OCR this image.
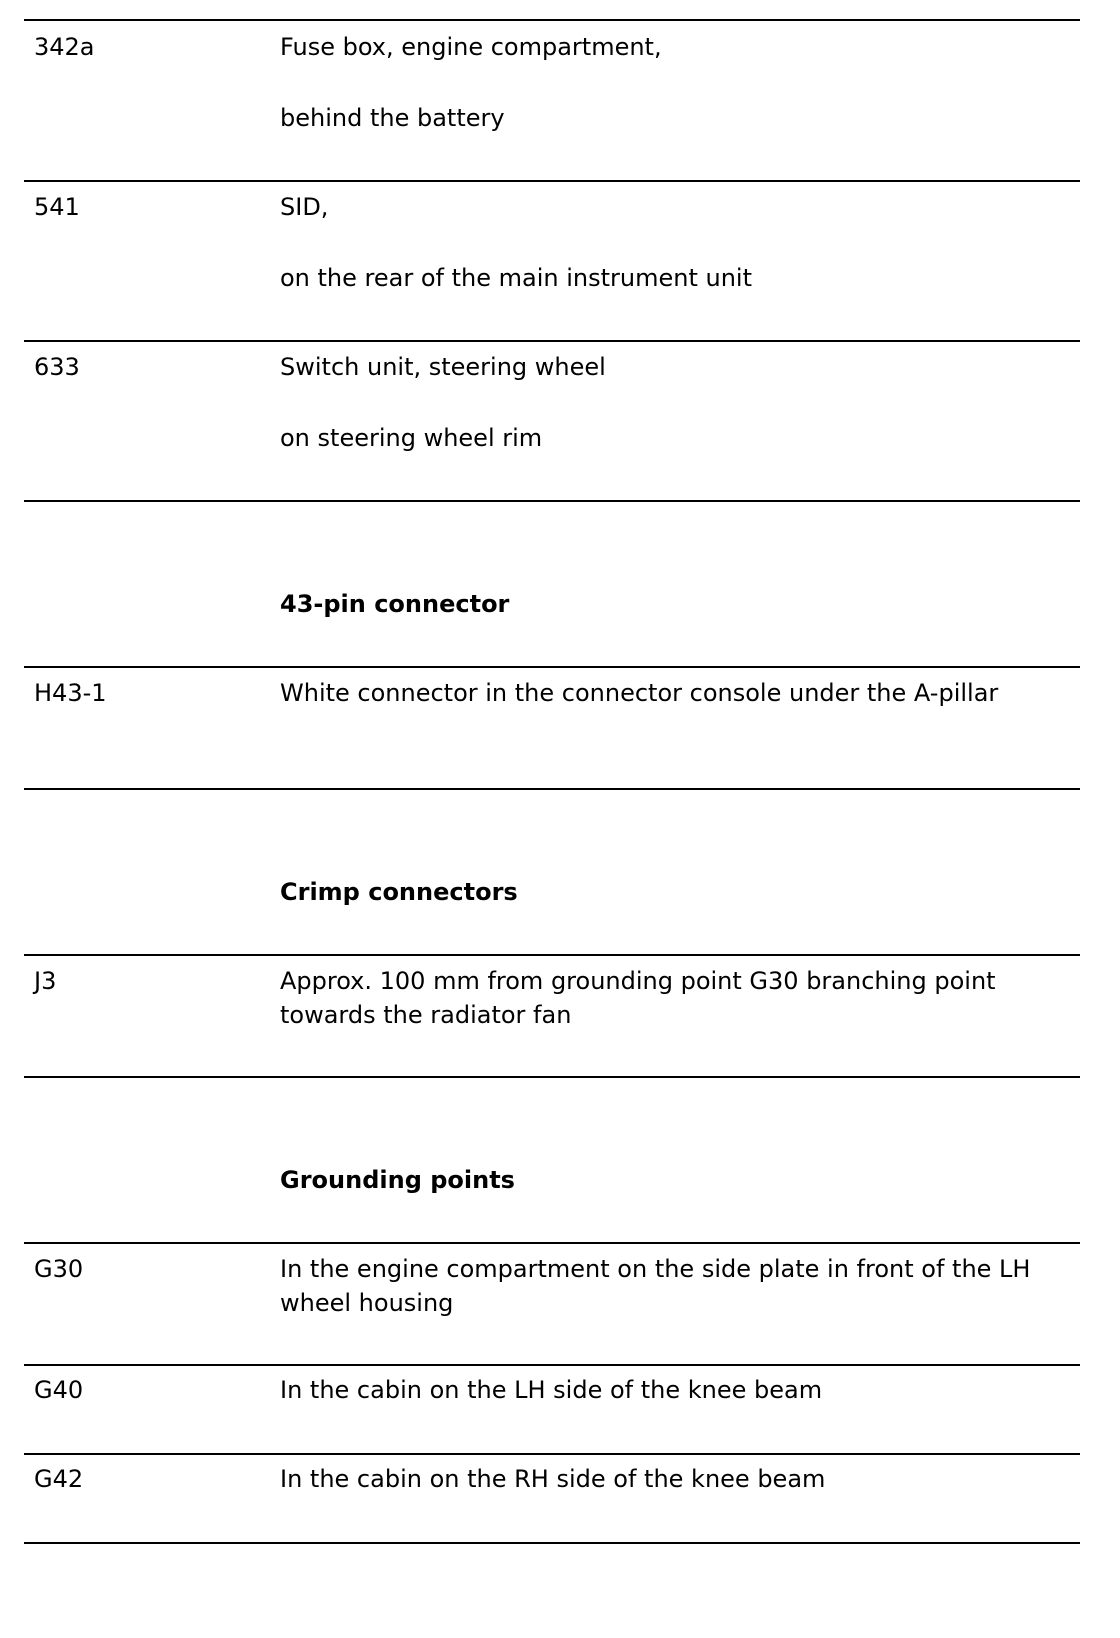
342a	Fuse box, engine compartment,
behind the battery
541	SID,
on the rear of the main instrument unit
633	Switch unit, steering wheel
on steering wheel rim
43-pin connector
H43-1	White connector in the connector console under the A-pillar
Crimp connectors
J3	Approx. 100 mm from grounding point G30 branching point towards the radiator fan
Grounding points
G30	In the engine compartment on the side plate in front of the LH wheel housing
G40	In the cabin on the LH side of the knee beam
G42	In the cabin on the RH side of the knee beam
